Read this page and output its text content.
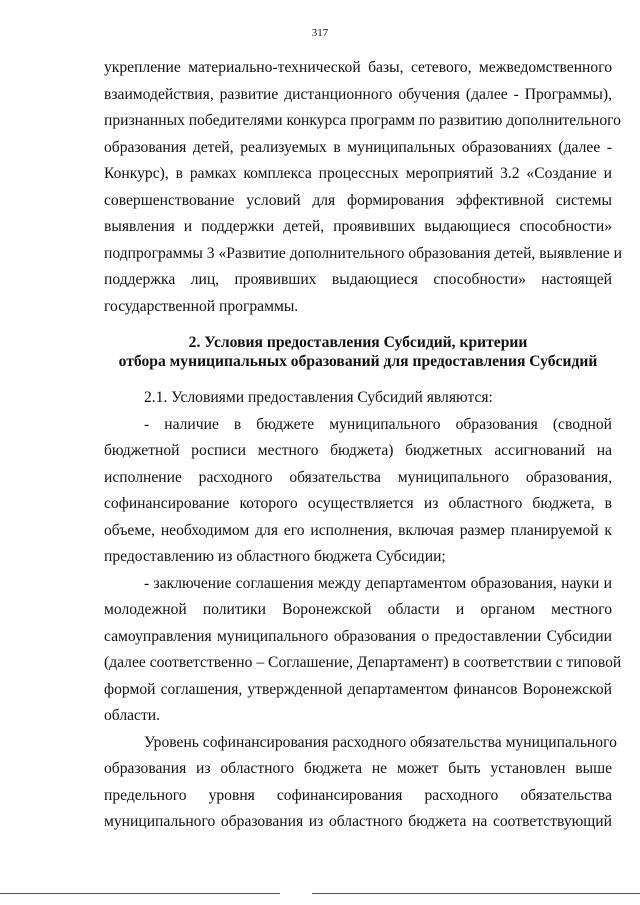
317
укрепление материально-технической базы, сетевого, межведомственного
взаимодействия, развитие дистанционного обучения (далее - Программы),
признанных победителями конкурса программ по развитию дополнительного
образования детей, реализуемых в муниципальных образованиях (далее -
Конкурс), в рамках комплекса процессных мероприятий 3.2 «Создание и
совершенствование условий для формирования эффективной системы
выявления и поддержки детей, проявивших выдающиеся способности»
подпрограммы 3 «Развитие дополнительного образования детей, выявление и
поддержка лиц, проявивших выдающиеся способности» настоящей
государственной программы.
2. Условия предоставления Субсидий, критерии
отбора муниципальных образований для предоставления Субсидий
2.1. Условиями предоставления Субсидий являются:
- наличие в бюджете муниципального образования (сводной
бюджетной росписи местного бюджета) бюджетных ассигнований на
исполнение расходного обязательства муниципального образования,
софинансирование которого осуществляется из областного бюджета, в
объеме, необходимом для его исполнения, включая размер планируемой к
предоставлению из областного бюджета Субсидии;
- заключение соглашения между департаментом образования, науки и
молодежной политики Воронежской области и органом местного
самоуправления муниципального образования о предоставлении Субсидии
(далее соответственно – Соглашение, Департамент) в соответствии с типовой
формой соглашения, утвержденной департаментом финансов Воронежской
области.
Уровень софинансирования расходного обязательства муниципального
образования из областного бюджета не может быть установлен выше
предельного уровня софинансирования расходного обязательства
муниципального образования из областного бюджета на соответствующий
